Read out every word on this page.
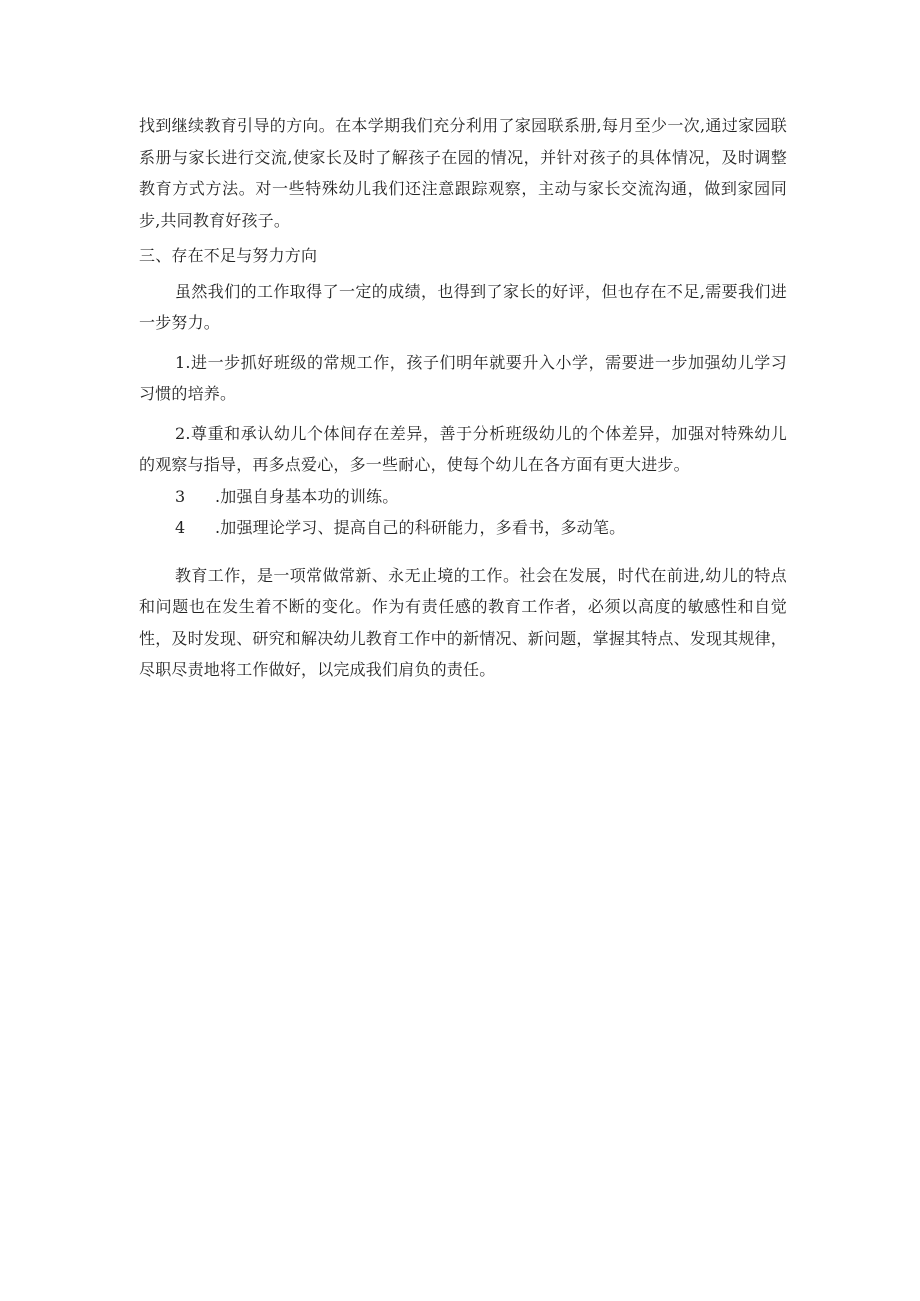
找到继续教育引导的方向。在本学期我们充分利用了家园联系册,每月至少一次,通过家园联系册与家长进行交流,使家长及时了解孩子在园的情况，并针对孩子的具体情况，及时调整教育方式方法。对一些特殊幼儿我们还注意跟踪观察，主动与家长交流沟通，做到家园同步,共同教育好孩子。

三、存在不足与努力方向

虽然我们的工作取得了一定的成绩，也得到了家长的好评，但也存在不足,需要我们进一步努力。

1.进一步抓好班级的常规工作，孩子们明年就要升入小学，需要进一步加强幼儿学习习惯的培养。

2.尊重和承认幼儿个体间存在差异，善于分析班级幼儿的个体差异，加强对特殊幼儿的观察与指导，再多点爱心，多一些耐心，使每个幼儿在各方面有更大进步。

3 .加强自身基本功的训练。

4 .加强理论学习、提高自己的科研能力，多看书，多动笔。

教育工作，是一项常做常新、永无止境的工作。社会在发展，时代在前进,幼儿的特点和问题也在发生着不断的变化。作为有责任感的教育工作者，必须以高度的敏感性和自觉性，及时发现、研究和解决幼儿教育工作中的新情况、新问题，掌握其特点、发现其规律，尽职尽责地将工作做好，以完成我们肩负的责任。
